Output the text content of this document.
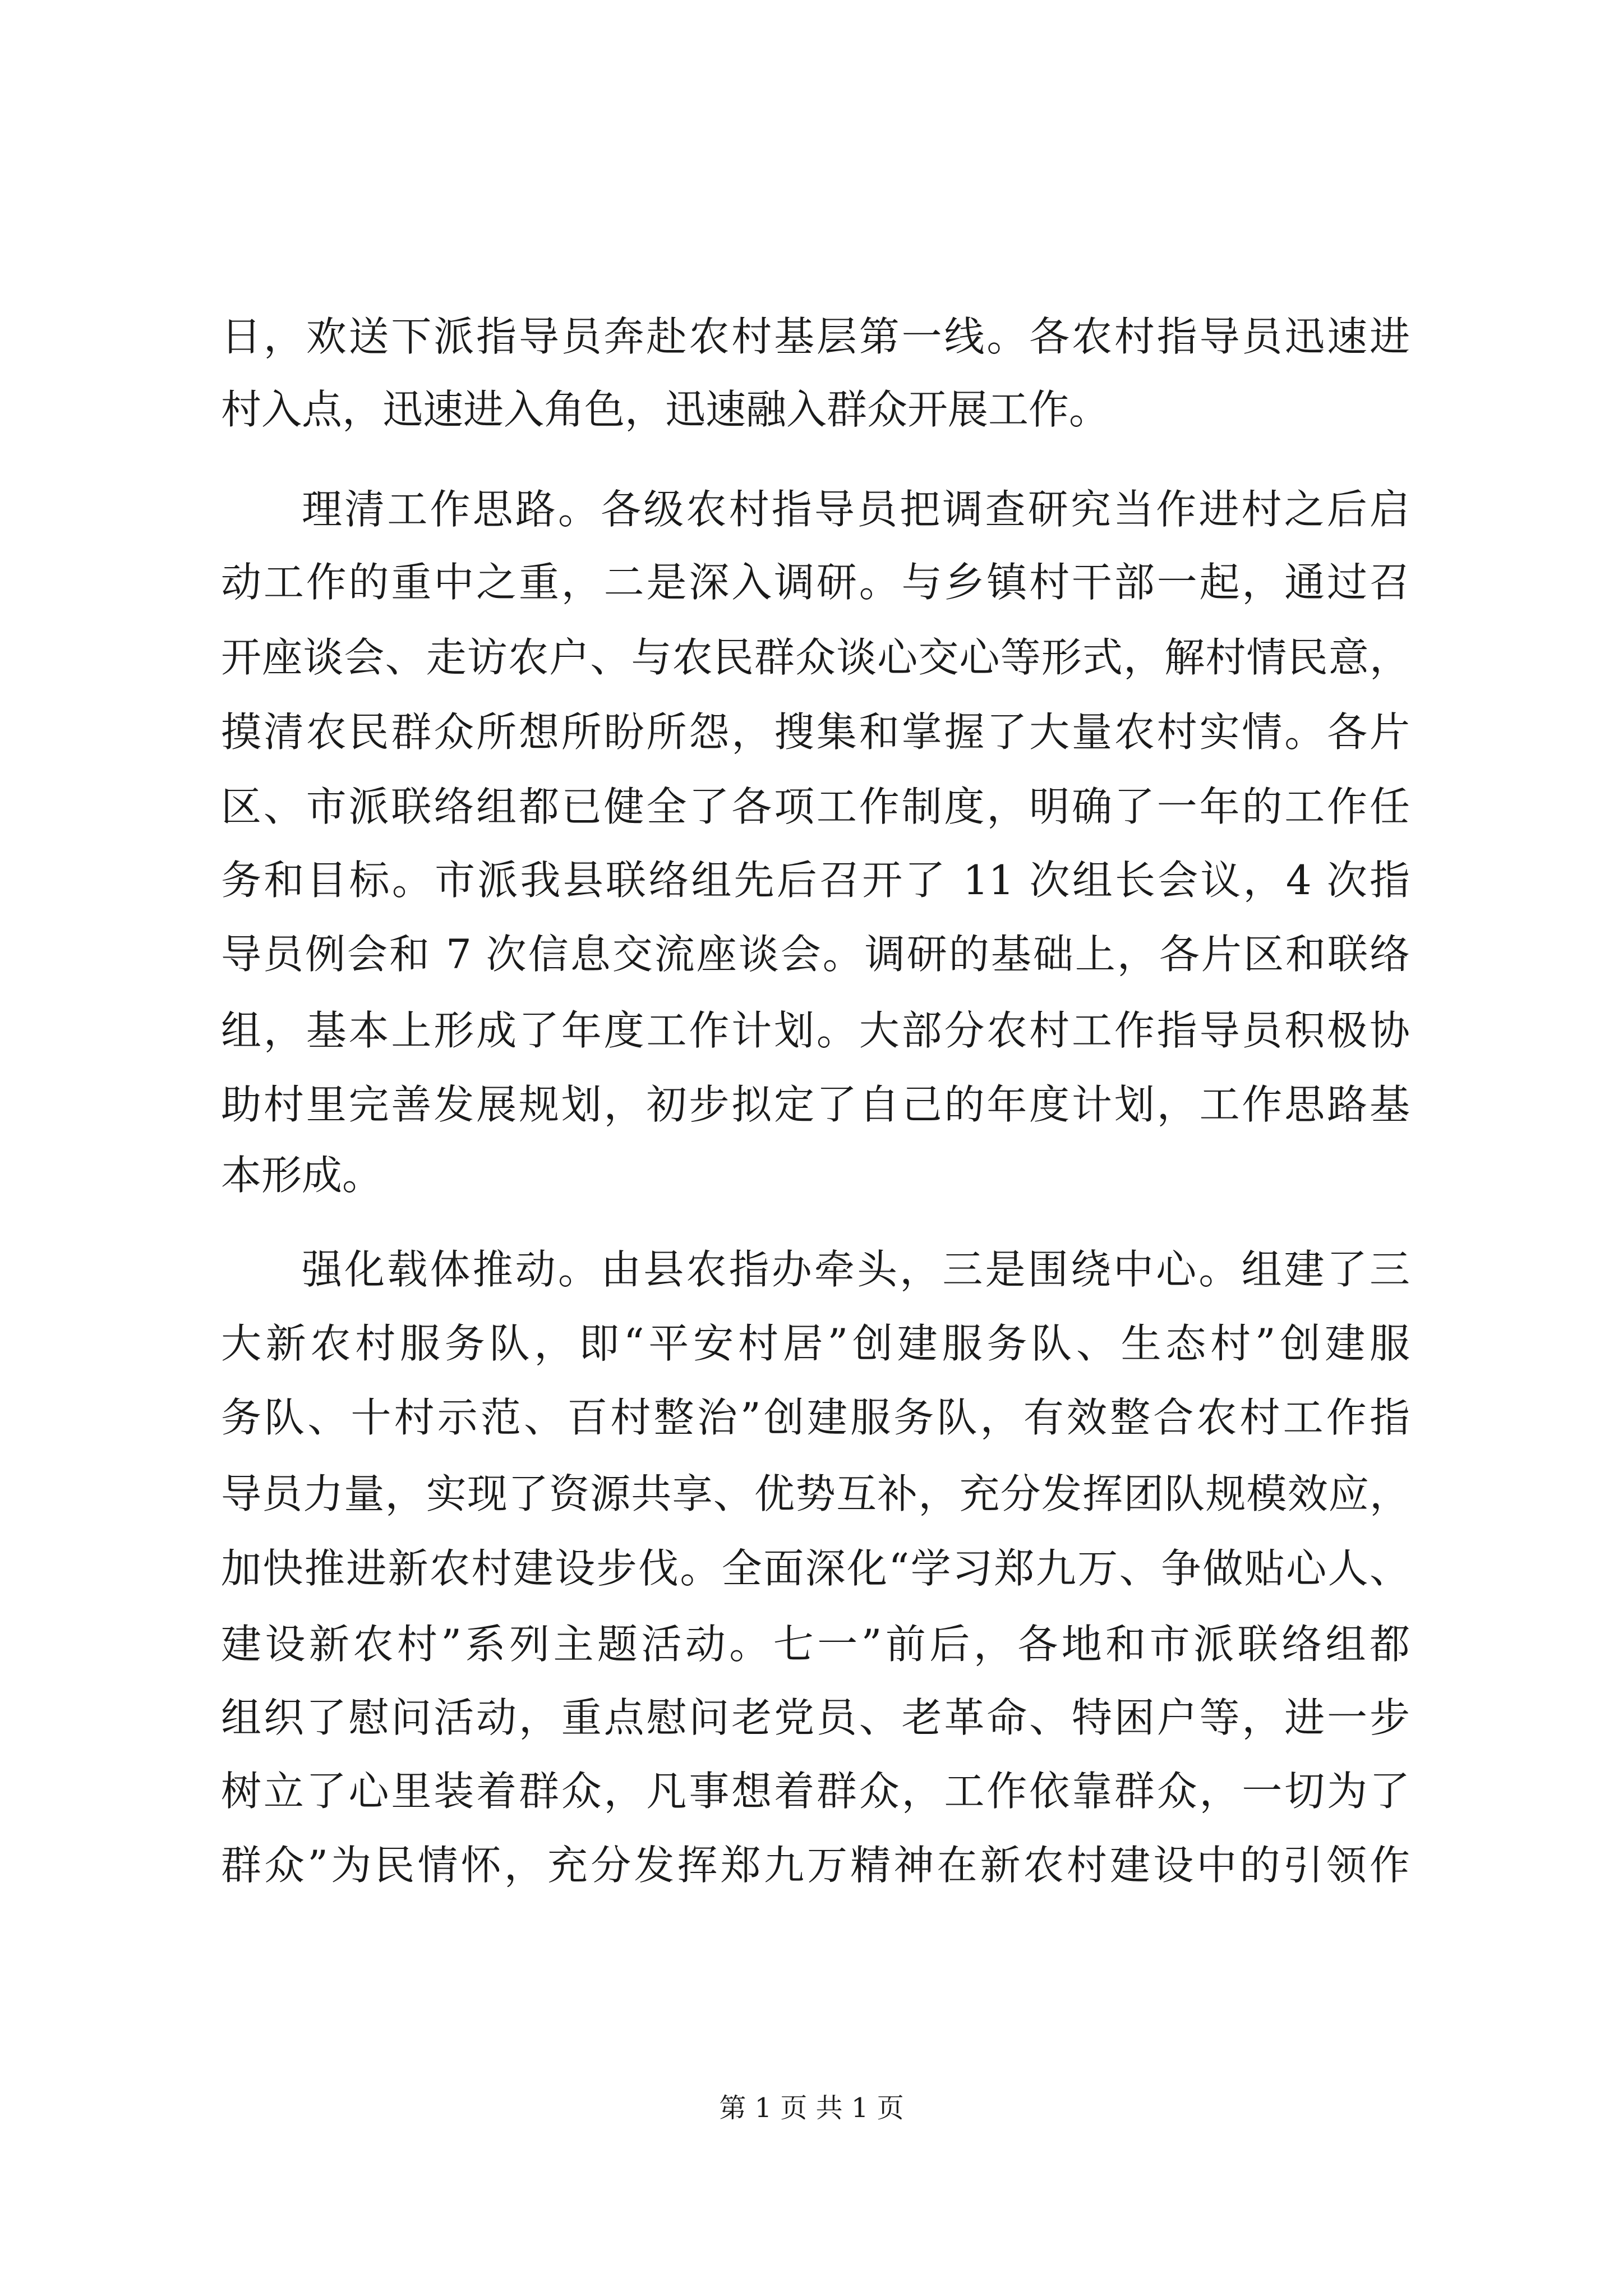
日，欢送下派指导员奔赴农村基层第一线。各农村指导员迅速进
村入点，迅速进入角色，迅速融入群众开展工作。
理清工作思路。各级农村指导员把调查研究当作进村之后启
动工作的重中之重，二是深入调研。与乡镇村干部一起，通过召
开座谈会、走访农户、与农民群众谈心交心等形式，解村情民意，
摸清农民群众所想所盼所怨，搜集和掌握了大量农村实情。各片
区、市派联络组都已健全了各项工作制度，明确了一年的工作任
务和目标。市派我县联络组先后召开了 11 次组长会议，4 次指
导员例会和 7 次信息交流座谈会。调研的基础上，各片区和联络
组，基本上形成了年度工作计划。大部分农村工作指导员积极协
助村里完善发展规划，初步拟定了自己的年度计划，工作思路基
本形成。
强化载体推动。由县农指办牵头，三是围绕中心。组建了三
大新农村服务队，即“平安村居”创建服务队、生态村”创建服
务队、十村示范、百村整治”创建服务队，有效整合农村工作指
导员力量，实现了资源共享、优势互补，充分发挥团队规模效应，
加快推进新农村建设步伐。全面深化“学习郑九万、争做贴心人、
建设新农村”系列主题活动。七一”前后，各地和市派联络组都
组织了慰问活动，重点慰问老党员、老革命、特困户等，进一步
树立了心里装着群众，凡事想着群众，工作依靠群众，一切为了
群众”为民情怀，充分发挥郑九万精神在新农村建设中的引领作
第 1 页 共 1 页
